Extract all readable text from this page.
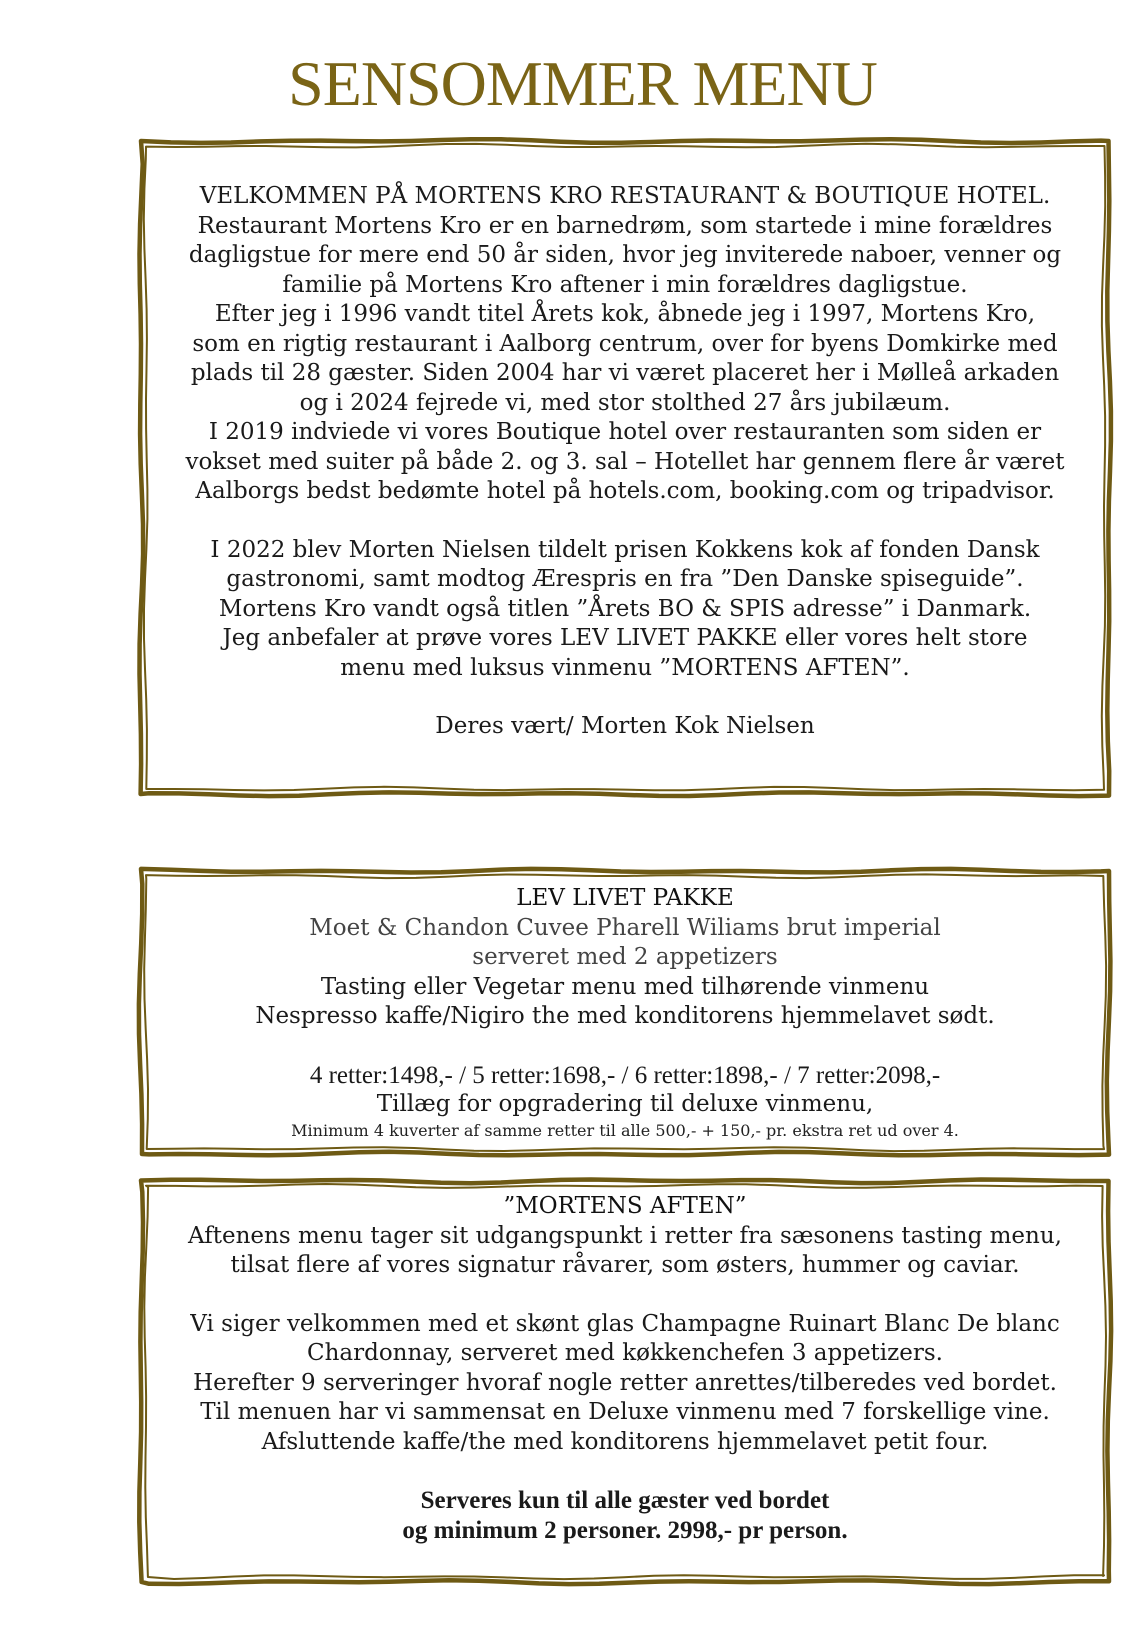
SENSOMMER MENU
VELKOMMEN PÅ MORTENS KRO RESTAURANT & BOUTIQUE HOTEL.
Restaurant Mortens Kro er en barnedrøm, som startede i mine forældres
dagligstue for mere end 50 år siden, hvor jeg inviterede naboer, venner og
familie på Mortens Kro aftener i min forældres dagligstue.
Efter jeg i 1996 vandt titel Årets kok, åbnede jeg i 1997, Mortens Kro,
som en rigtig restaurant i Aalborg centrum, over for byens Domkirke med
plads til 28 gæster. Siden 2004 har vi været placeret her i Mølleå arkaden
og i 2024 fejrede vi, med stor stolthed 27 års jubilæum.
I 2019 indviede vi vores Boutique hotel over restauranten som siden er
vokset med suiter på både 2. og 3. sal – Hotellet har gennem flere år været
Aalborgs bedst bedømte hotel på hotels.com, booking.com og tripadvisor.
I 2022 blev Morten Nielsen tildelt prisen Kokkens kok af fonden Dansk
gastronomi, samt modtog Ærespris en fra ”Den Danske spiseguide”.
Mortens Kro vandt også titlen ”Årets BO & SPIS adresse” i Danmark.
Jeg anbefaler at prøve vores LEV LIVET PAKKE eller vores helt store
menu med luksus vinmenu ”MORTENS AFTEN”.
Deres vært/ Morten Kok Nielsen
LEV LIVET PAKKE
Moet & Chandon Cuvee Pharell Wiliams brut imperial
serveret med 2 appetizers
Tasting eller Vegetar menu med tilhørende vinmenu
Nespresso kaffe/Nigiro the med konditorens hjemmelavet sødt.
4 retter:1498,- / 5 retter:1698,- / 6 retter:1898,- / 7 retter:2098,-
Tillæg for opgradering til deluxe vinmenu,
Minimum 4 kuverter af samme retter til alle 500,- + 150,- pr. ekstra ret ud over 4.
”MORTENS AFTEN”
Aftenens menu tager sit udgangspunkt i retter fra sæsonens tasting menu,
tilsat flere af vores signatur råvarer, som østers, hummer og caviar.
Vi siger velkommen med et skønt glas Champagne Ruinart Blanc De blanc
Chardonnay, serveret med køkkenchefen 3 appetizers.
Herefter 9 serveringer hvoraf nogle retter anrettes/tilberedes ved bordet.
Til menuen har vi sammensat en Deluxe vinmenu med 7 forskellige vine.
Afsluttende kaffe/the med konditorens hjemmelavet petit four.
Serveres kun til alle gæster ved bordet
og minimum 2 personer. 2998,- pr person.
